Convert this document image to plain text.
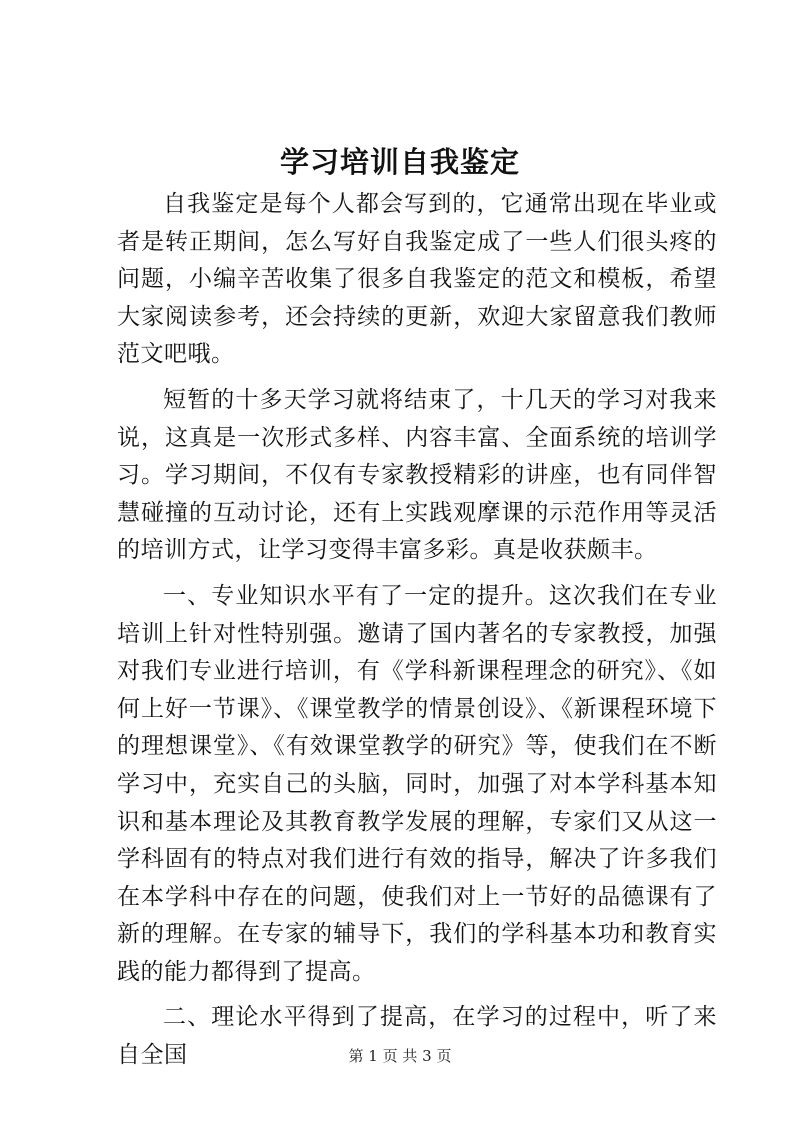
学习培训自我鉴定

自我鉴定是每个人都会写到的，它通常出现在毕业或者是转正期间，怎么写好自我鉴定成了一些人们很头疼的问题，小编辛苦收集了很多自我鉴定的范文和模板，希望大家阅读参考，还会持续的更新，欢迎大家留意我们教师范文吧哦。

短暂的十多天学习就将结束了，十几天的学习对我来说，这真是一次形式多样、内容丰富、全面系统的培训学习。学习期间，不仅有专家教授精彩的讲座，也有同伴智慧碰撞的互动讨论，还有上实践观摩课的示范作用等灵活的培训方式，让学习变得丰富多彩。真是收获颇丰。

一、专业知识水平有了一定的提升。这次我们在专业培训上针对性特别强。邀请了国内著名的专家教授，加强对我们专业进行培训，有《学科新课程理念的研究》、《如何上好一节课》、《课堂教学的情景创设》、《新课程环境下的理想课堂》、《有效课堂教学的研究》等，使我们在不断学习中，充实自己的头脑，同时，加强了对本学科基本知识和基本理论及其教育教学发展的理解，专家们又从这一学科固有的特点对我们进行有效的指导，解决了许多我们在本学科中存在的问题，使我们对上一节好的品德课有了新的理解。在专家的辅导下，我们的学科基本功和教育实践的能力都得到了提高。

二、理论水平得到了提高，在学习的过程中，听了来自全国	第 1 页 共 3 页
